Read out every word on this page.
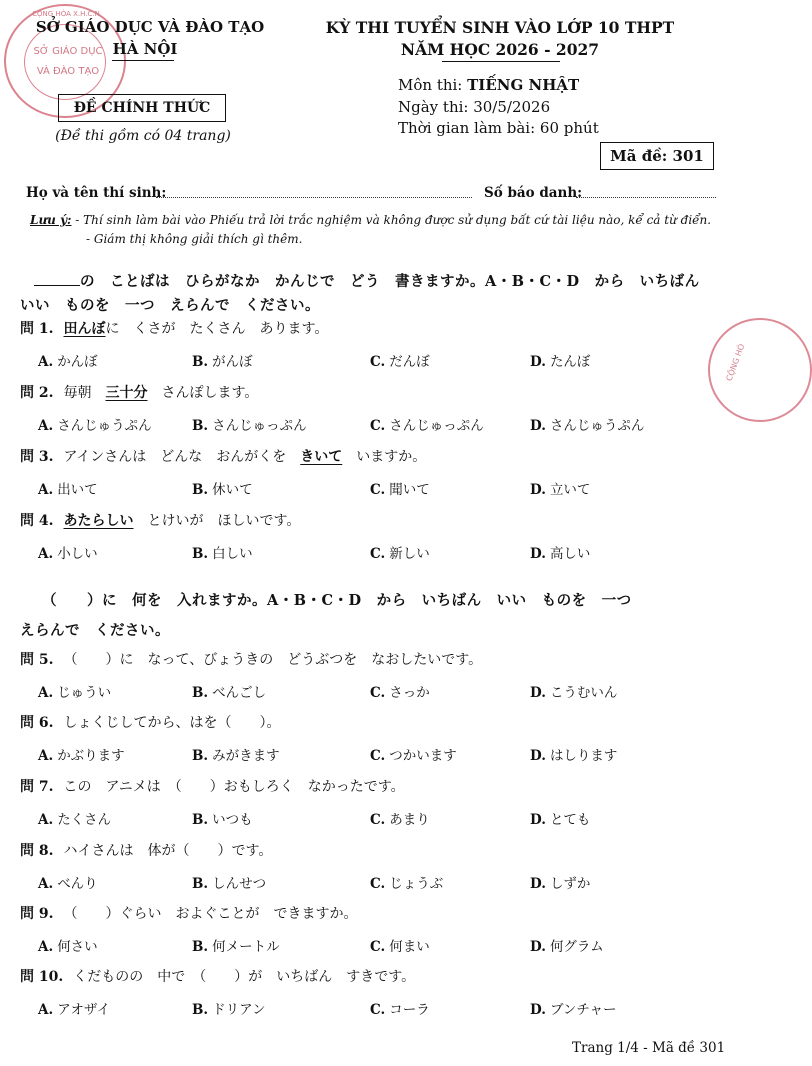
CỘNG HÒA X.H.C.N
SỞ GIÁO DỤC
VÀ ĐÀO TẠO
CỘNG HÒ
SỞ GIÁO DỤC VÀ ĐÀO TẠO
HÀ NỘI
ĐỀ CHÍNH THỨC
(Đề thi gồm có 04 trang)
KỲ THI TUYỂN SINH VÀO LỚP 10 THPT
NĂM HỌC 2026 - 2027
Môn thi: TIẾNG NHẬT
Ngày thi: 30/5/2026
Thời gian làm bài: 60 phút
Mã đề: 301
Họ và tên thí sinh:	Số báo danh:
Lưu ý: - Thí sinh làm bài vào Phiếu trả lời trắc nghiệm và không được sử dụng bất cứ tài liệu nào, kể cả từ điển.
- Giám thị không giải thích gì thêm.
の　ことばは　ひらがなか　かんじで　どう　書きますか。A・B・C・D　から　いちばん
いい　ものを　一つ　えらんで　ください。
問 1. 田んぼに　くさが　たくさん　あります。
A. かんぼ	B. がんぼ	C. だんぼ	D. たんぼ
問 2. 毎朝　三十分　さんぽします。
A. さんじゅうぷん	B. さんじゅっぷん	C. さんじゅっぷん	D. さんじゅうぷん
問 3. アインさんは　どんな　おんがくを　きいて　いますか。
A. 出いて	B. 休いて	C. 聞いて	D. 立いて
問 4. あたらしい　とけいが　ほしいです。
A. 小しい	B. 白しい	C. 新しい	D. 高しい
問 5. （　　）に　なって、びょうきの　どうぶつを　なおしたいです。
A. じゅうい	B. べんごし	C. さっか	D. こうむいん
問 6. しょくじしてから、はを（　　）。
A. かぶります	B. みがきます	C. つかいます	D. はしります
問 7. この　アニメは　（　　）おもしろく　なかったです。
A. たくさん	B. いつも	C. あまり	D. とても
問 8. ハイさんは　体が（　　）です。
A. べんり	B. しんせつ	C. じょうぶ	D. しずか
問 9. （　　）ぐらい　およぐことが　できますか。
A. 何さい	B. 何メートル	C. 何まい	D. 何グラム
問 10. くだものの　中で　（　　）が　いちばん　すきです。
A. アオザイ	B. ドリアン	C. コーラ	D. ブンチャー
（　　）に　何を　入れますか。A・B・C・D　から　いちばん　いい　ものを　一つ
えらんで　ください。
Trang 1/4 - Mã đề 301
